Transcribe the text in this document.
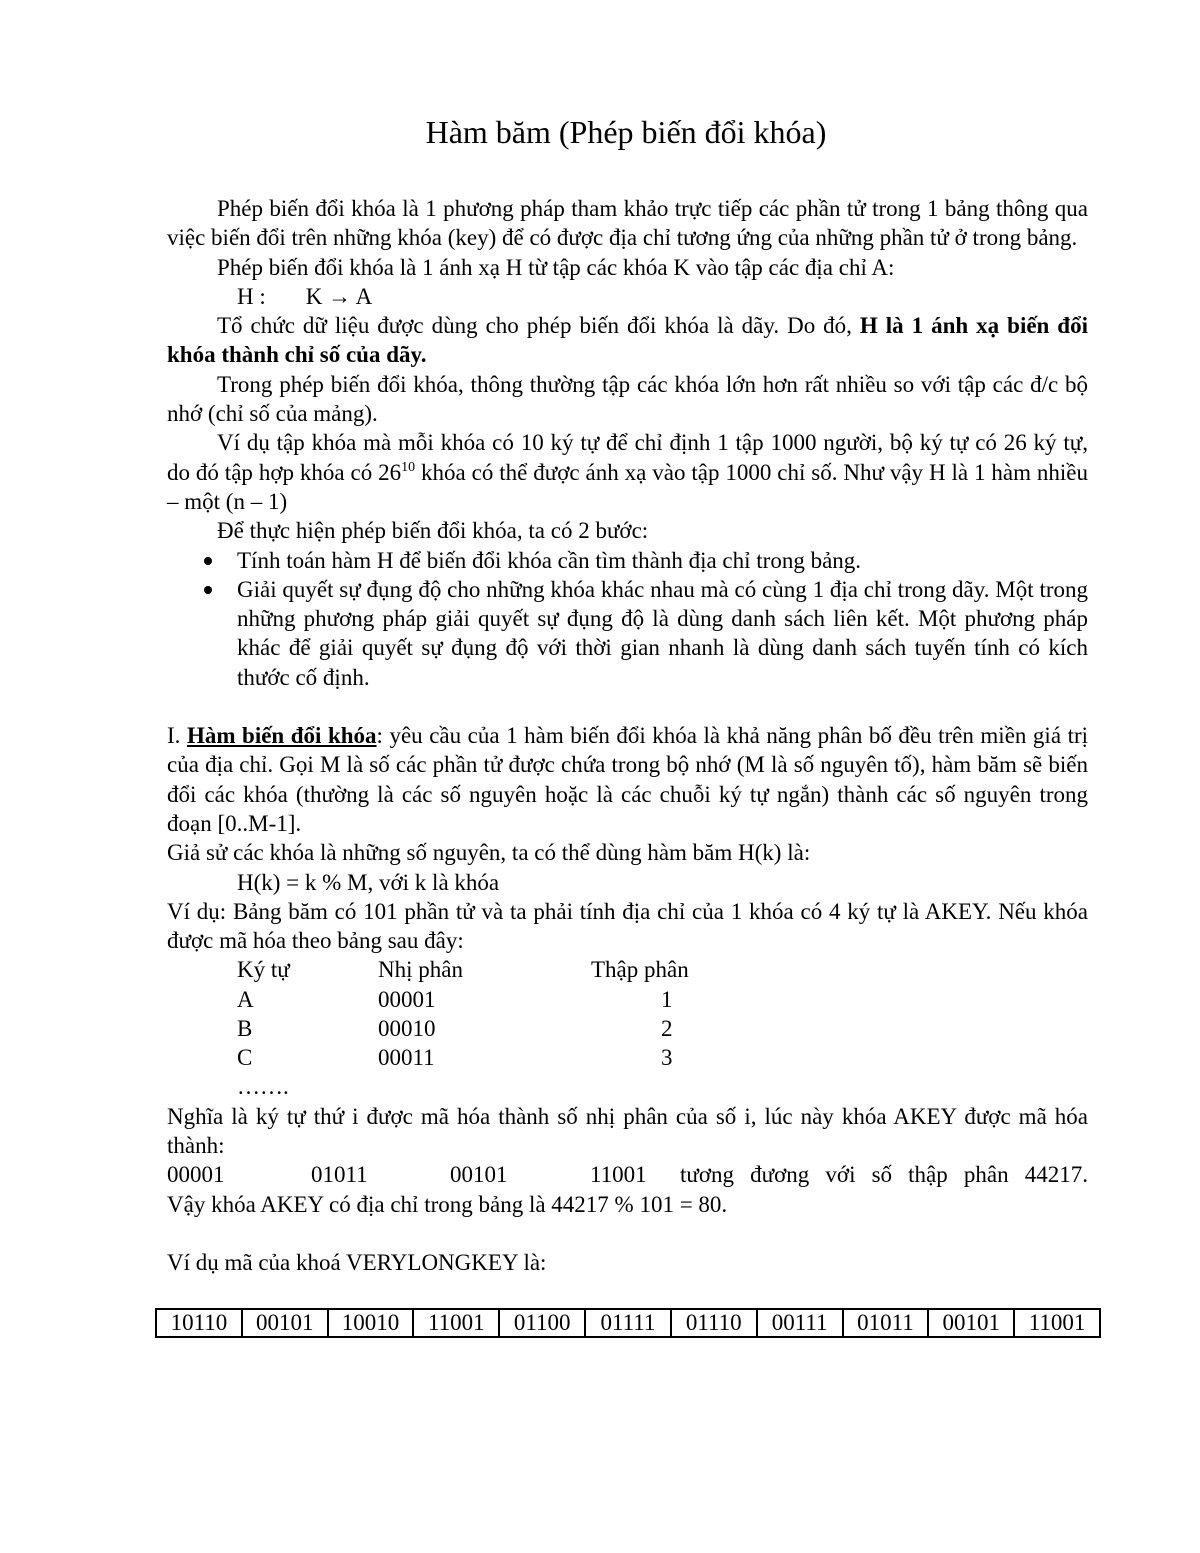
Hàm băm (Phép biến đổi khóa)

Phép biến đổi khóa là 1 phương pháp tham khảo trực tiếp các phần tử trong 1 bảng thông qua việc biến đổi trên những khóa (key) để có được địa chỉ tương ứng của những phần tử ở trong bảng.

Phép biến đổi khóa là 1 ánh xạ H từ tập các khóa K vào tập các địa chỉ A:

H : K → A

Tổ chức dữ liệu được dùng cho phép biến đổi khóa là dãy. Do đó, H là 1 ánh xạ biến đổi khóa thành chỉ số của dãy.

Trong phép biến đổi khóa, thông thường tập các khóa lớn hơn rất nhiều so với tập các đ/c bộ nhớ (chỉ số của mảng).

Ví dụ tập khóa mà mỗi khóa có 10 ký tự để chỉ định 1 tập 1000 người, bộ ký tự có 26 ký tự, do đó tập hợp khóa có $26^{10}$ khóa có thể được ánh xạ vào tập 1000 chỉ số. Như vậy H là 1 hàm nhiều – một (n – 1)

Để thực hiện phép biến đổi khóa, ta có 2 bước:

Tính toán hàm H để biến đổi khóa cần tìm thành địa chỉ trong bảng.
Giải quyết sự đụng độ cho những khóa khác nhau mà có cùng 1 địa chỉ trong dãy. Một trong những phương pháp giải quyết sự đụng độ là dùng danh sách liên kết. Một phương pháp khác để giải quyết sự đụng độ với thời gian nhanh là dùng danh sách tuyến tính có kích thước cố định.

I. Hàm biến đổi khóa: yêu cầu của 1 hàm biến đổi khóa là khả năng phân bố đều trên miền giá trị của địa chỉ. Gọi M là số các phần tử được chứa trong bộ nhớ (M là số nguyên tố), hàm băm sẽ biến đổi các khóa (thường là các số nguyên hoặc là các chuỗi ký tự ngắn) thành các số nguyên trong đoạn [0..M-1].

Giả sử các khóa là những số nguyên, ta có thể dùng hàm băm H(k) là:

H(k) = k % M, với k là khóa

Ví dụ: Bảng băm có 101 phần tử và ta phải tính địa chỉ của 1 khóa có 4 ký tự là AKEY. Nếu khóa được mã hóa theo bảng sau đây:

Ký tự	Nhị phân	Thập phân
A	00001	1
B	00010	2
C	00011	3

…….

Nghĩa là ký tự thứ i được mã hóa thành số nhị phân của số i, lúc này khóa AKEY được mã hóa thành:

00001	01011	00101	11001 tương đương với số thập phân 44217.

Vậy khóa AKEY có địa chỉ trong bảng là 44217 % 101 = 80.

Ví dụ mã của khoá VERYLONGKEY là:

10110	00101	10010	11001	01100	01111	01110	00111	01011	00101	11001
